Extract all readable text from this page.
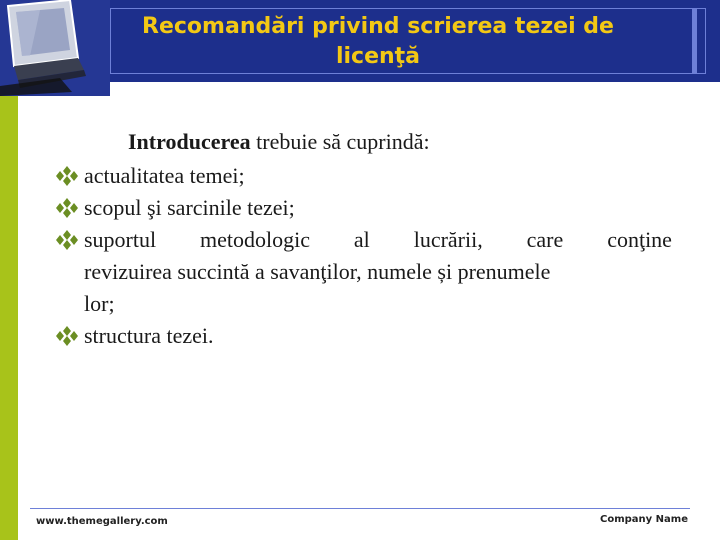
Recomandări privind scrierea tezei de licenţă
Introducerea trebuie să cuprindă:
actualitatea temei;
scopul şi sarcinile tezei;
suportul metodologic al lucrării, care conţine
revizuirea succintă a savanţilor, numele și prenumele
lor;
structura tezei.
www.themegallery.com	Company Name
